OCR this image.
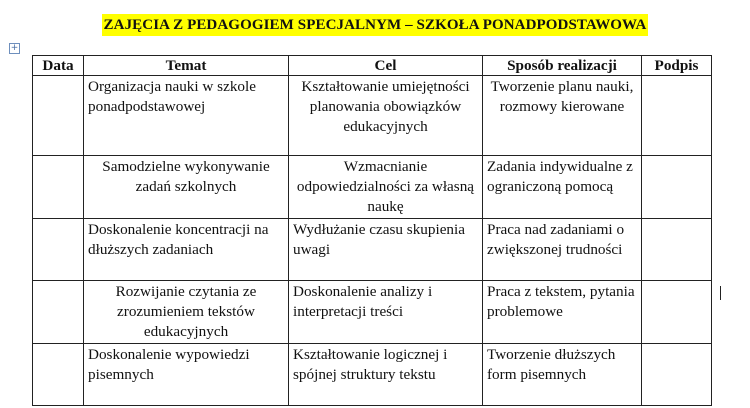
ZAJĘCIA Z PEDAGOGIEM SPECJALNYM – SZKOŁA PONADPODSTAWOWA
+
Data	Temat	Cel	Sposób realizacji	Podpis
	Organizacja nauki w szkole ponadpodstawowej	Kształtowanie umiejętności planowania obowiązków edukacyjnych	Tworzenie planu nauki, rozmowy kierowane	
	Samodzielne wykonywanie zadań szkolnych	Wzmacnianie odpowiedzialności za własną naukę	Zadania indywidualne z ograniczoną pomocą	
	Doskonalenie koncentracji na dłuższych zadaniach	Wydłużanie czasu skupienia uwagi	Praca nad zadaniami o zwiększonej trudności	
	Rozwijanie czytania ze zrozumieniem tekstów edukacyjnych	Doskonalenie analizy i interpretacji treści	Praca z tekstem, pytania problemowe	
	Doskonalenie wypowiedzi pisemnych	Kształtowanie logicznej i spójnej struktury tekstu	Tworzenie dłuższych form pisemnych	
